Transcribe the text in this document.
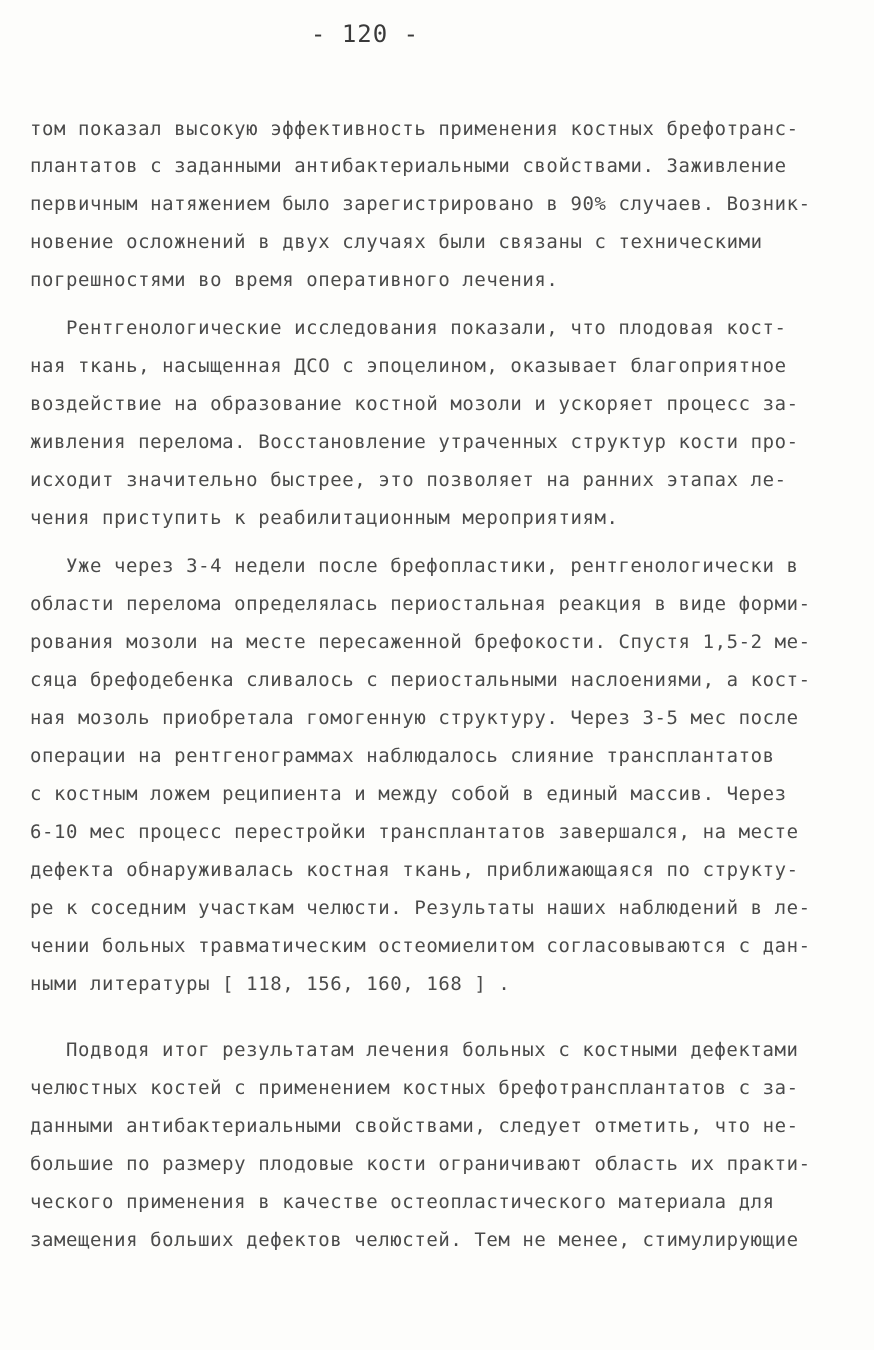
- 120 -
том показал высокую эффективность применения костных брефотранс-
плантатов с заданными антибактериальными свойствами. Заживление
первичным натяжением было зарегистрировано в 90% случаев. Возник-
новение осложнений в двух случаях были связаны с техническими
погрешностями во время оперативного лечения.
Рентгенологические исследования показали, что плодовая кост-
ная ткань, насыщенная ДСО с эпоцелином, оказывает благоприятное
воздействие на образование костной мозоли и ускоряет процесс за-
живления перелома. Восстановление утраченных структур кости про-
исходит значительно быстрее, это позволяет на ранних этапах ле-
чения приступить к реабилитационным мероприятиям.
Уже через 3-4 недели после брефопластики, рентгенологически в
области перелома определялась периостальная реакция в виде форми-
рования мозоли на месте пересаженной брефокости. Спустя 1,5-2 ме-
сяца брефодебенка сливалось с периостальными наслоениями, а кост-
ная мозоль приобретала гомогенную структуру. Через 3-5 мес после
операции на рентгенограммах наблюдалось слияние трансплантатов
с костным ложем реципиента и между собой в единый массив. Через
6-10 мес процесс перестройки трансплантатов завершался, на месте
дефекта обнаруживалась костная ткань, приближающаяся по структу-
ре к соседним участкам челюсти. Результаты наших наблюдений в ле-
чении больных травматическим остеомиелитом согласовываются с дан-
ными литературы [ 118, 156, 160, 168 ] .
Подводя итог результатам лечения больных с костными дефектами
челюстных костей с применением костных брефотрансплантатов с за-
данными антибактериальными свойствами, следует отметить, что не-
большие по размеру плодовые кости ограничивают область их практи-
ческого применения в качестве остеопластического материала для
замещения больших дефектов челюстей. Тем не менее, стимулирующие
